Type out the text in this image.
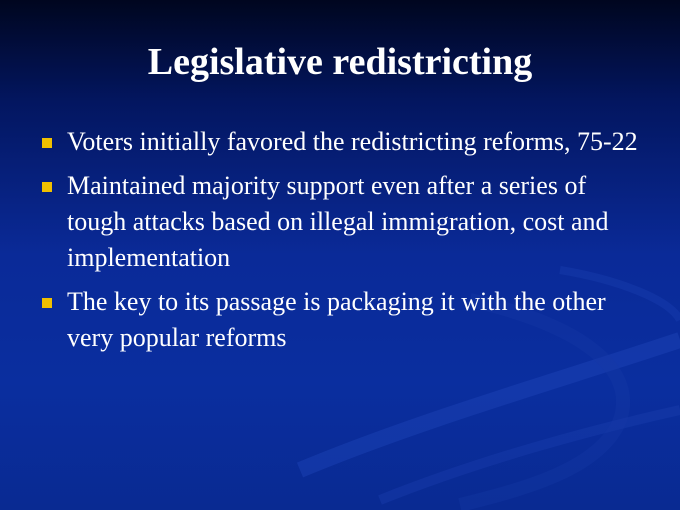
Legislative redistricting
Voters initially favored the redistricting reforms, 75-22
Maintained majority support even after a series of tough attacks based on illegal immigration, cost and implementation
The key to its passage is packaging it with the other very popular reforms
